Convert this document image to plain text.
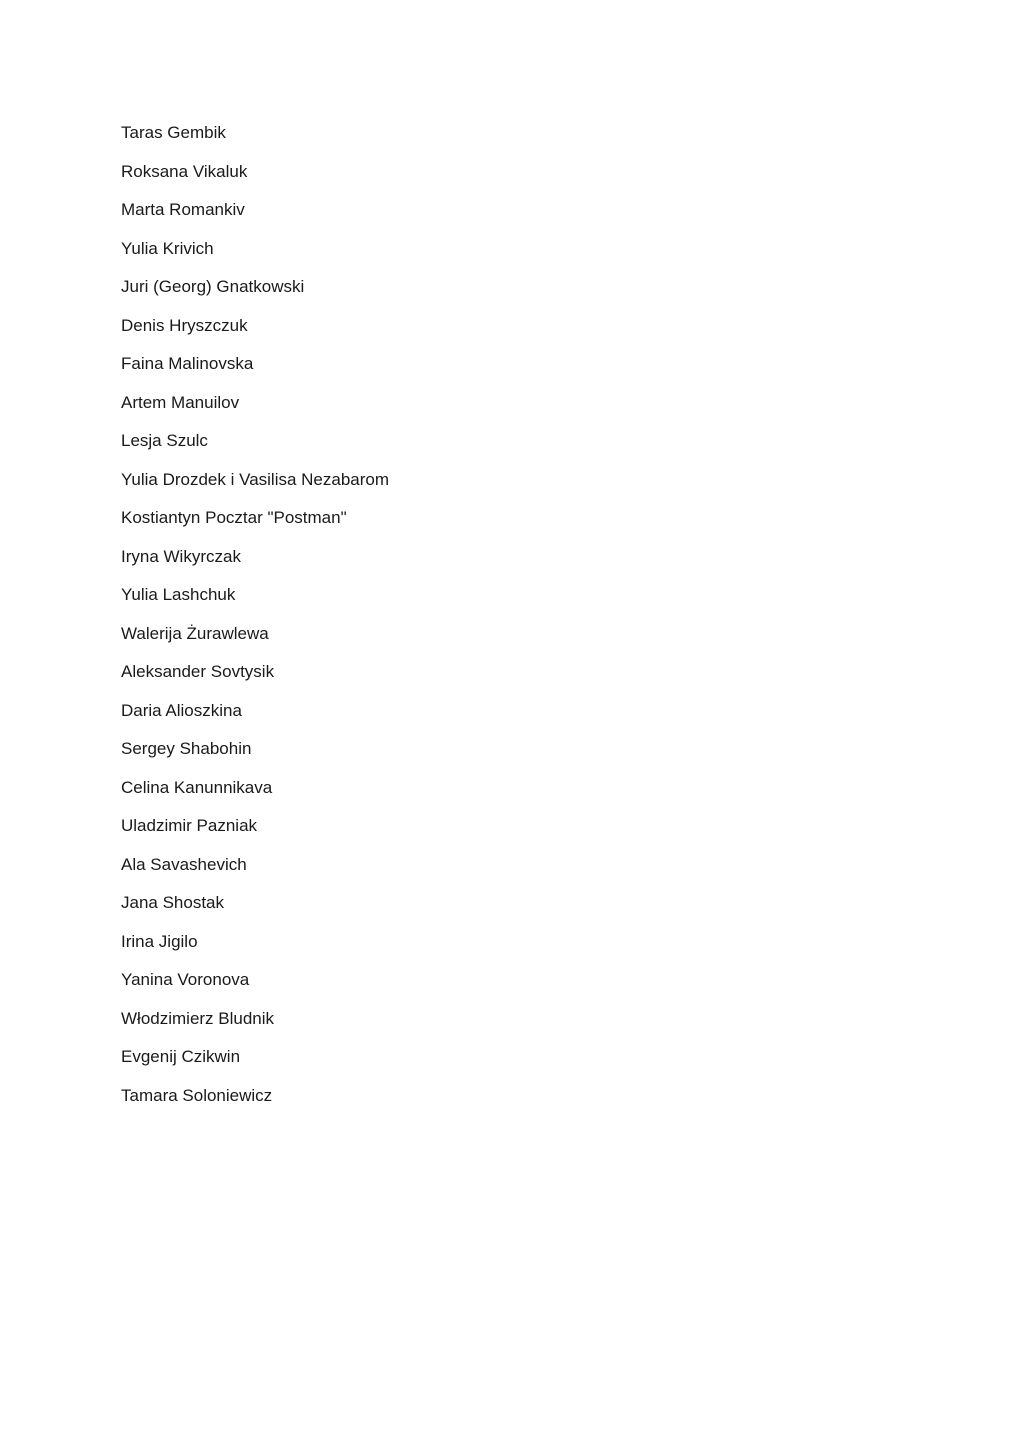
Taras Gembik
Roksana Vikaluk
Marta Romankiv
Yulia Krivich
Juri (Georg) Gnatkowski
Denis Hryszczuk
Faina Malinovska
Artem Manuilov
Lesja Szulc
Yulia Drozdek i Vasilisa Nezabarom
Kostiantyn Pocztar "Postman"
Iryna Wikyrczak
Yulia Lashchuk
Walerija Żurawlewa
Aleksander Sovtysik
Daria Alioszkina
Sergey Shabohin
Celina Kanunnikava
Uladzimir Pazniak
Ala Savashevich
Jana Shostak
Irina Jigilo
Yanina Voronova
Włodzimierz Bludnik
Evgenij Czikwin
Tamara Soloniewicz
